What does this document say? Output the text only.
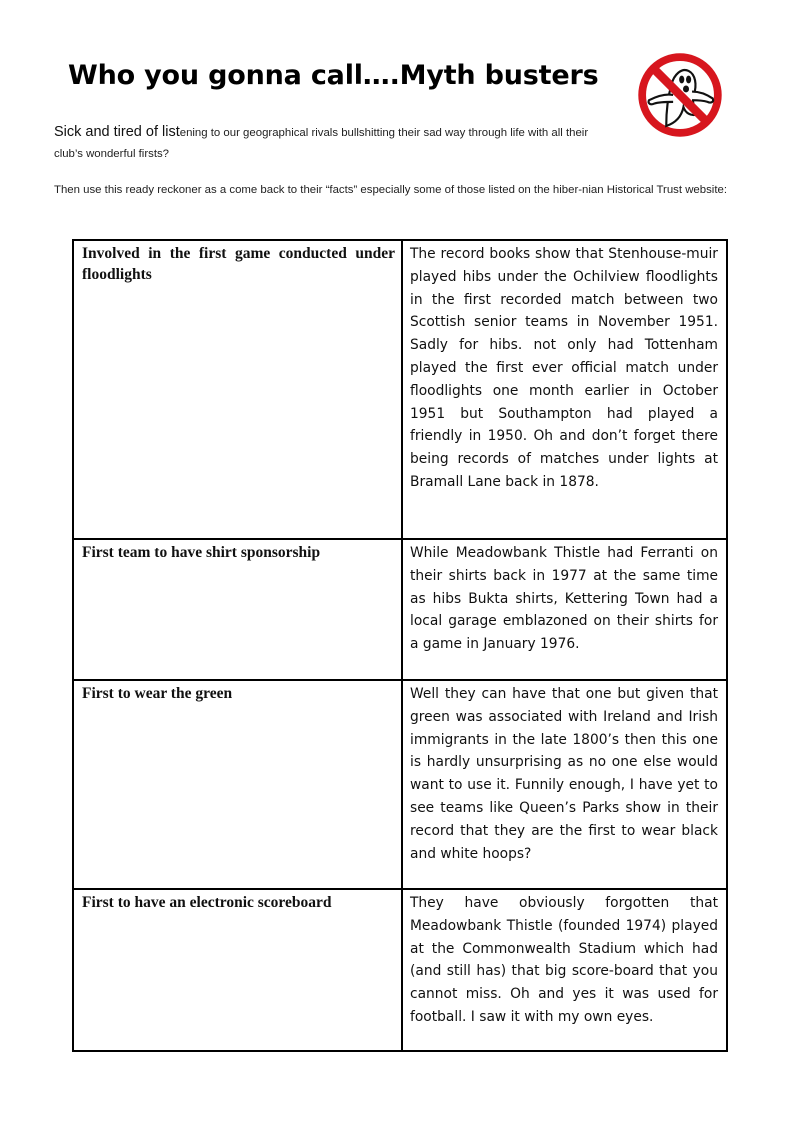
Who you gonna call….Myth busters
Sick and tired of listening to our geographical rivals bullshitting their sad way through life with all their club’s wonderful firsts?
Then use this ready reckoner as a come back to their “facts” especially some of those listed on the hiber-nian Historical Trust website:
Involved in the first game conducted under floodlights	The record books show that Stenhouse-muir played hibs under the Ochilview floodlights in the first recorded match between two Scottish senior teams in November 1951. Sadly for hibs. not only had Tottenham played the first ever official match under floodlights one month earlier in October 1951 but Southampton had played a friendly in 1950. Oh and don’t forget there being records of matches under lights at Bramall Lane back in 1878.
First team to have shirt sponsorship	While Meadowbank Thistle had Ferranti on their shirts back in 1977 at the same time as hibs Bukta shirts, Kettering Town had a local garage emblazoned on their shirts for a game in January 1976.
First to wear the green	Well they can have that one but given that green was associated with Ireland and Irish immigrants in the late 1800’s then this one is hardly unsurprising as no one else would want to use it. Funnily enough, I have yet to see teams like Queen’s Parks show in their record that they are the first to wear black and white hoops?
First to have an electronic scoreboard	They have obviously forgotten that Meadowbank Thistle (founded 1974) played at the Commonwealth Stadium which had (and still has) that big score-board that you cannot miss. Oh and yes it was used for football. I saw it with my own eyes.
